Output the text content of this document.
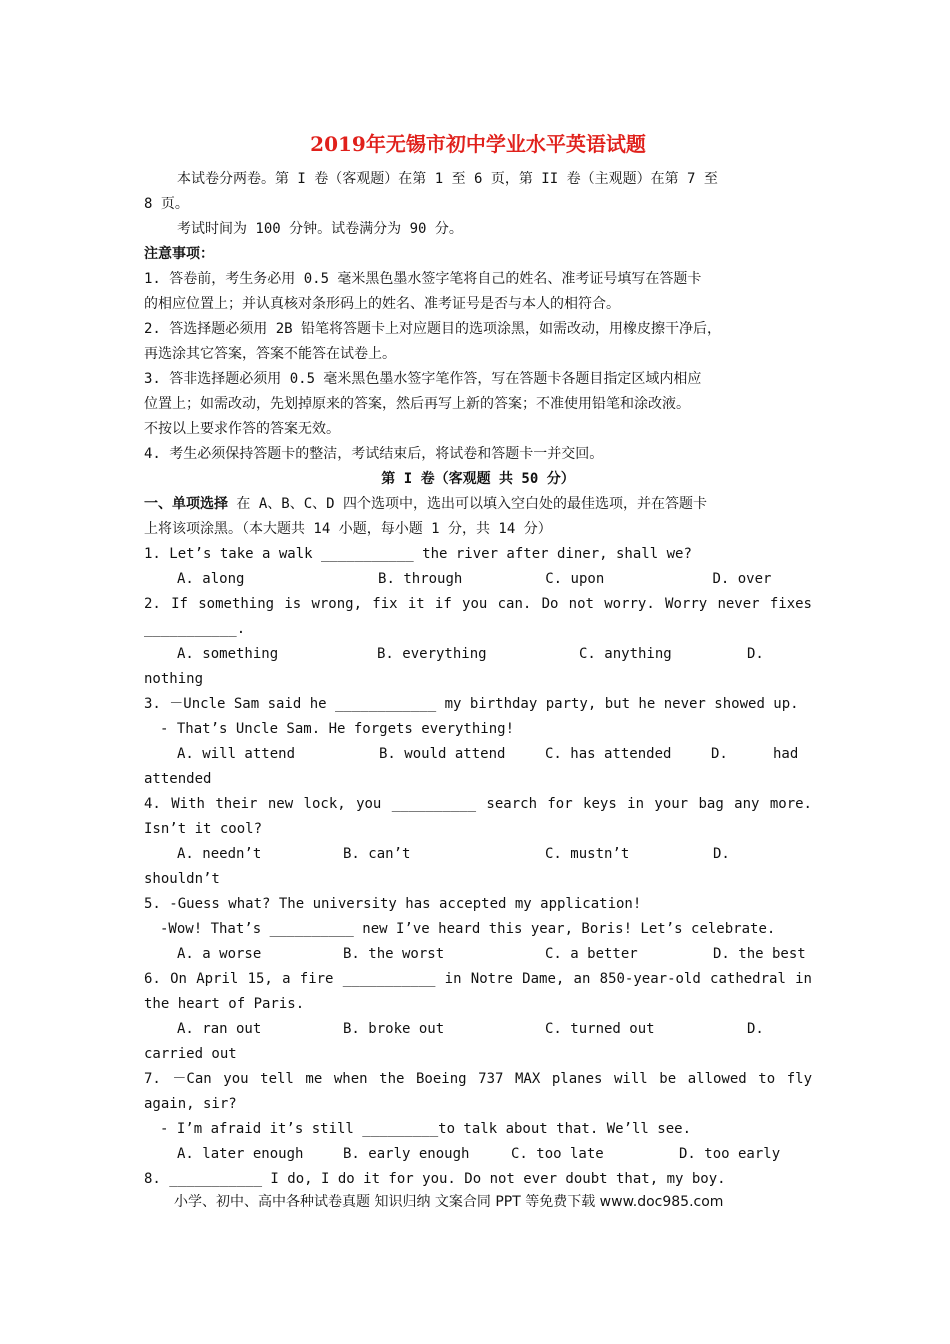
2019年无锡市初中学业水平英语试题
本试卷分两卷。第 I 卷（客观题）在第 1 至 6 页，第 II 卷（主观题）在第 7 至
8 页。
考试时间为 100 分钟。试卷满分为 90 分。
注意事项：
1. 答卷前，考生务必用 0.5 毫米黑色墨水签字笔将自己的姓名、准考证号填写在答题卡
的相应位置上；并认真核对条形码上的姓名、准考证号是否与本人的相符合。
2. 答选择题必须用 2B 铅笔将答题卡上对应题目的选项涂黑，如需改动，用橡皮擦干净后，
再选涂其它答案，答案不能答在试卷上。
3. 答非选择题必须用 0.5 毫米黑色墨水签字笔作答，写在答题卡各题目指定区域内相应
位置上；如需改动，先划掉原来的答案，然后再写上新的答案；不准使用铅笔和涂改液。
不按以上要求作答的答案无效。
4. 考生必须保持答题卡的整洁，考试结束后，将试卷和答题卡一并交回。
第 I 卷（客观题 共 50 分）
一、单项选择 在 A、B、C、D 四个选项中，选出可以填入空白处的最佳选项，并在答题卡
上将该项涂黑。（本大题共 14 小题，每小题 1 分，共 14 分）
1. Let’s take a walk ___________ the river after diner, shall we?
A. along	B. through	C. upon	D. over
2. If something is wrong, fix it if you can. Do not worry. Worry never fixes
___________.
A. something	B. everything	C. anything	D.
nothing
3. －Uncle Sam said he ____________ my birthday party, but he never showed up.
- That’s Uncle Sam. He forgets everything!
A. will attend	B. would attend	C. has attended	D.	had
attended
4. With their new lock, you __________ search for keys in your bag any more.
Isn’t it cool?
A. needn’t	B. can’t	C. mustn’t	D.
shouldn’t
5. -Guess what? The university has accepted my application!
-Wow! That’s __________ new I’ve heard this year, Boris! Let’s celebrate.
A. a worse	B. the worst	C. a better	D. the best
6. On April 15, a fire ___________ in Notre Dame, an 850-year-old cathedral in
the heart of Paris.
A. ran out	B. broke out	C. turned out	D.
carried out
7. －Can you tell me when the Boeing 737 MAX planes will be allowed to fly
again, sir?
- I’m afraid it’s still _________to talk about that. We’ll see.
A. later enough	B. early enough	C. too late	D. too early
8. ___________ I do, I do it for you. Do not ever doubt that, my boy.
小学、初中、高中各种试卷真题 知识归纳 文案合同 PPT 等免费下载 www.doc985.com
